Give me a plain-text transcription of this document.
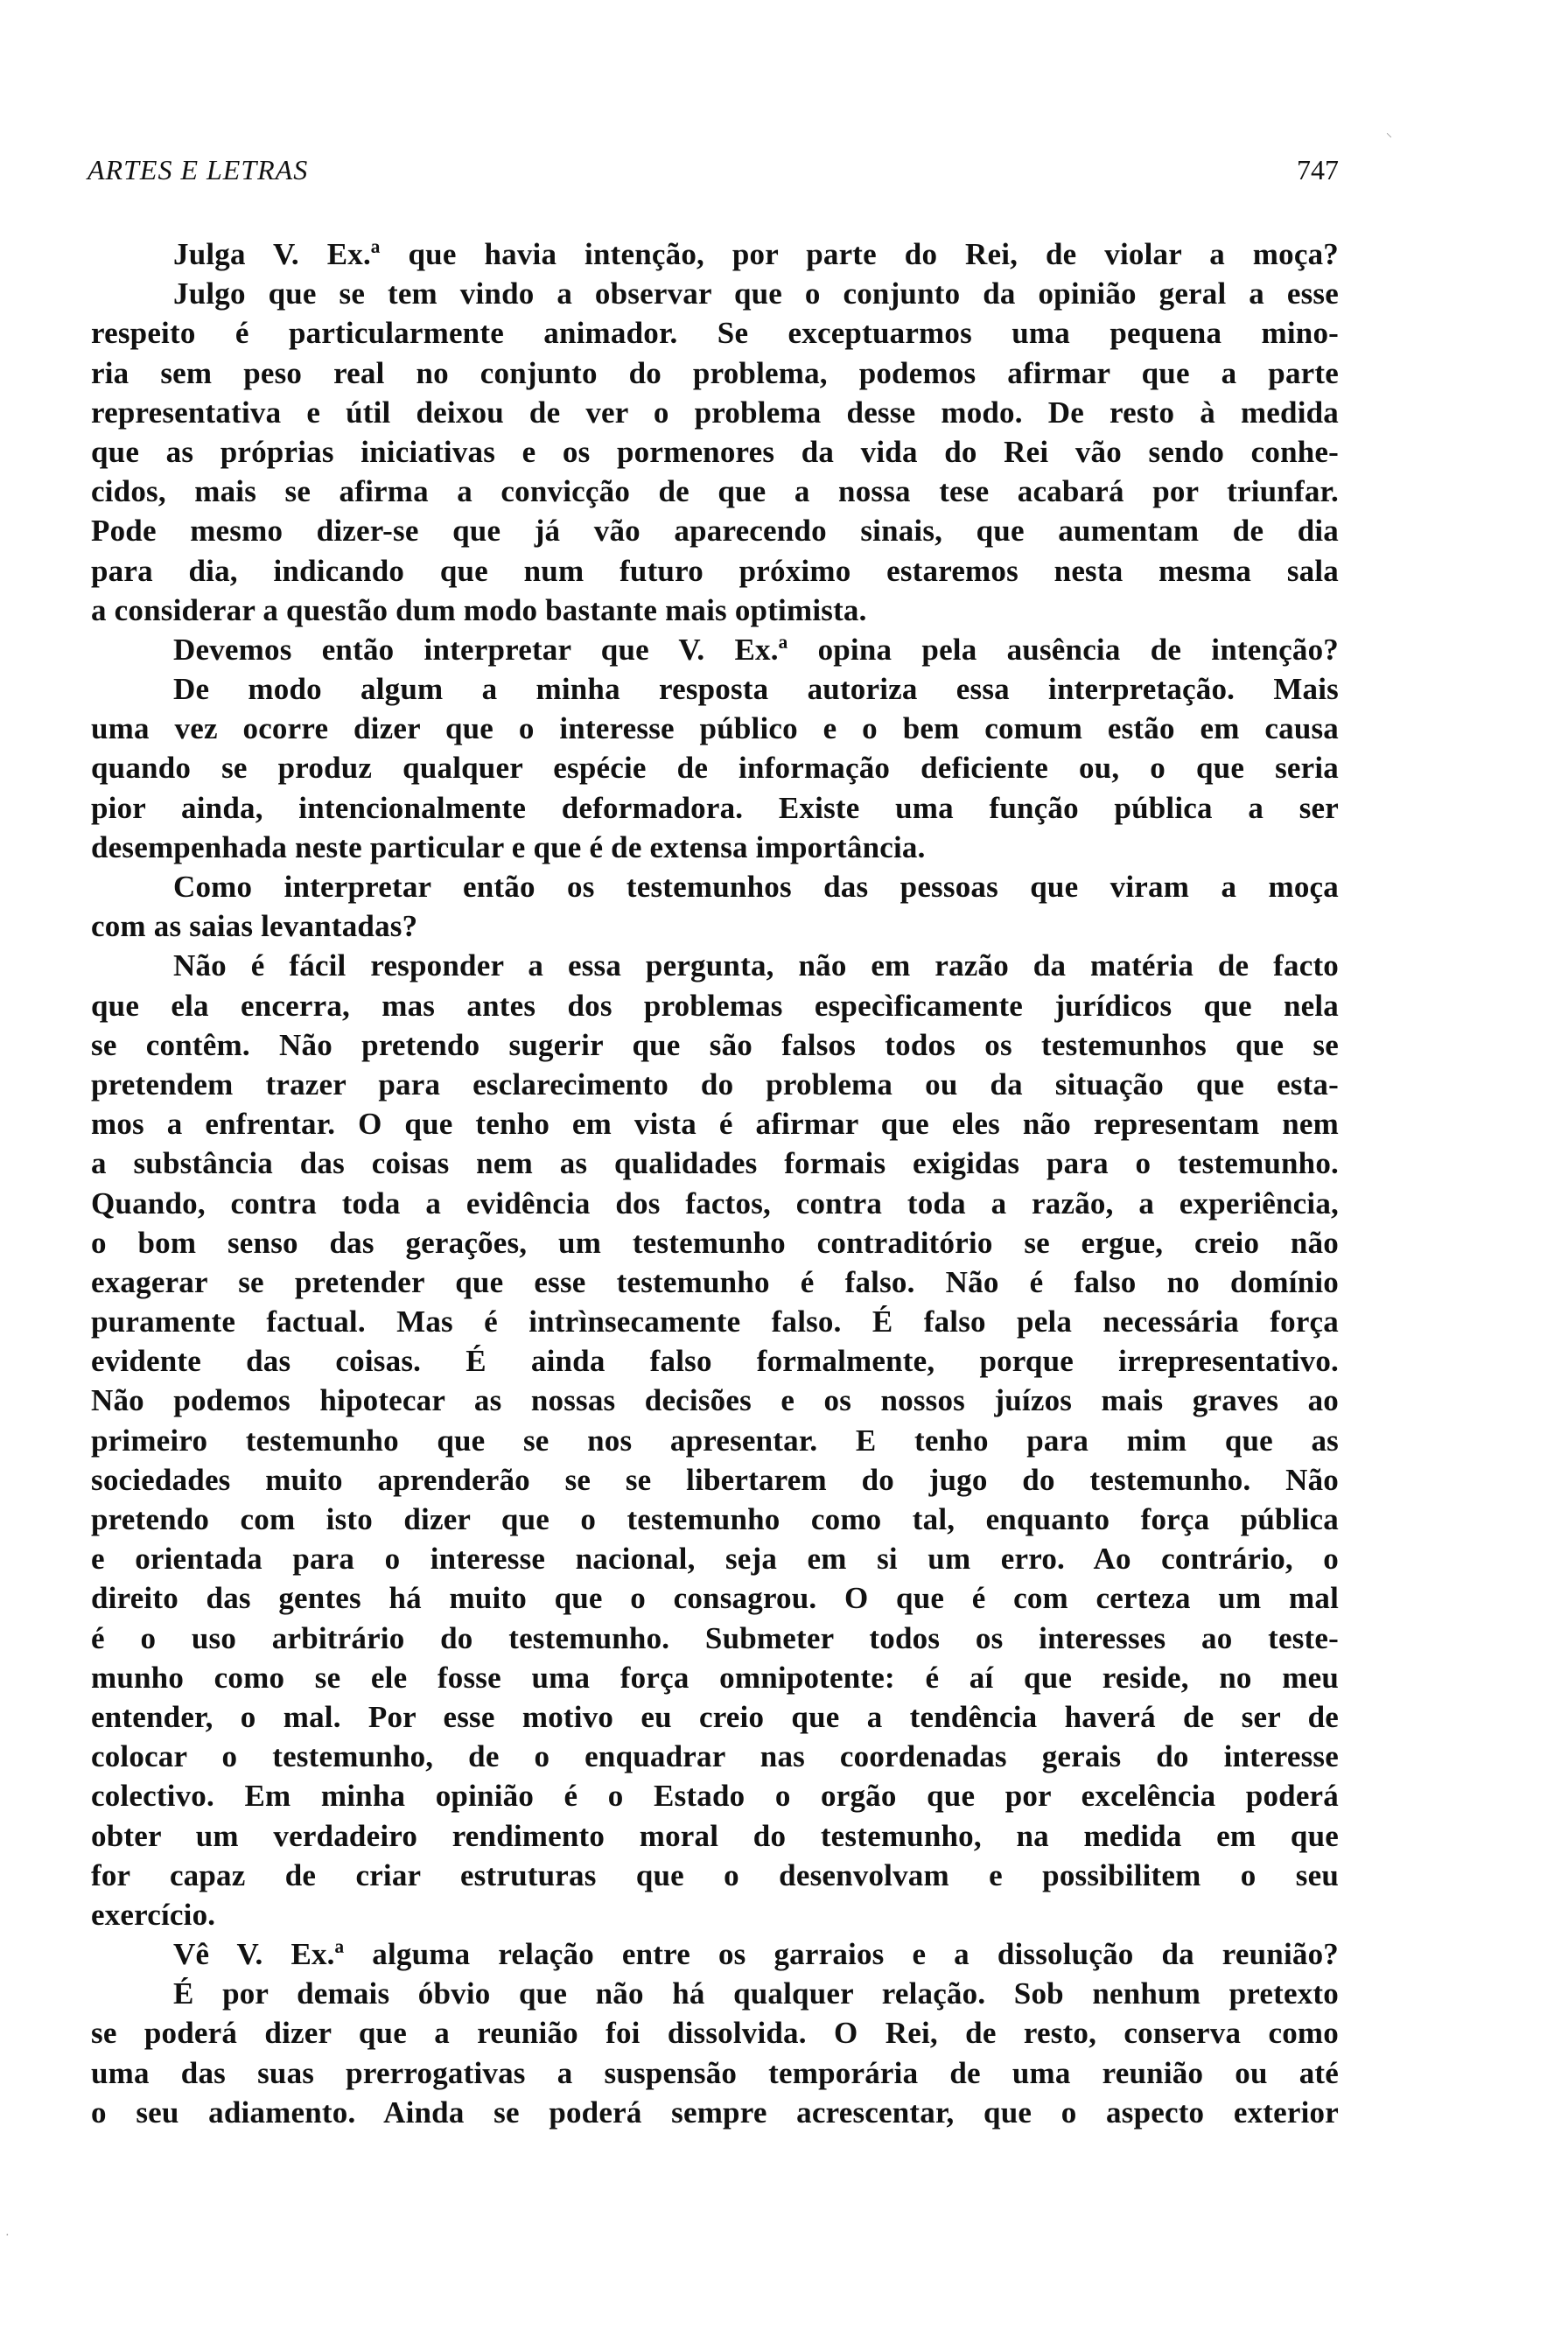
ARTES E LETRAS	747
Julga V. Ex.ª que havia intenção, por parte do Rei, de violar a moça?
Julgo que se tem vindo a observar que o conjunto da opinião geral a esse
respeito é particularmente animador. Se exceptuarmos uma pequena mino-
ria sem peso real no conjunto do problema, podemos afirmar que a parte
representativa e útil deixou de ver o problema desse modo. De resto à medida
que as próprias iniciativas e os pormenores da vida do Rei vão sendo conhe-
cidos, mais se afirma a convicção de que a nossa tese acabará por triunfar.
Pode mesmo dizer-se que já vão aparecendo sinais, que aumentam de dia
para dia, indicando que num futuro próximo estaremos nesta mesma sala
a considerar a questão dum modo bastante mais optimista.
Devemos então interpretar que V. Ex.ª opina pela ausência de intenção?
De modo algum a minha resposta autoriza essa interpretação. Mais
uma vez ocorre dizer que o interesse público e o bem comum estão em causa
quando se produz qualquer espécie de informação deficiente ou, o que seria
pior ainda, intencionalmente deformadora. Existe uma função pública a ser
desempenhada neste particular e que é de extensa importância.
Como interpretar então os testemunhos das pessoas que viram a moça
com as saias levantadas?
Não é fácil responder a essa pergunta, não em razão da matéria de facto
que ela encerra, mas antes dos problemas especìficamente jurídicos que nela
se contêm. Não pretendo sugerir que são falsos todos os testemunhos que se
pretendem trazer para esclarecimento do problema ou da situação que esta-
mos a enfrentar. O que tenho em vista é afirmar que eles não representam nem
a substância das coisas nem as qualidades formais exigidas para o testemunho.
Quando, contra toda a evidência dos factos, contra toda a razão, a experiência,
o bom senso das gerações, um testemunho contraditório se ergue, creio não
exagerar se pretender que esse testemunho é falso. Não é falso no domínio
puramente factual. Mas é intrìnsecamente falso. É falso pela necessária força
evidente das coisas. É ainda falso formalmente, porque irrepresentativo.
Não podemos hipotecar as nossas decisões e os nossos juízos mais graves ao
primeiro testemunho que se nos apresentar. E tenho para mim que as
sociedades muito aprenderão se se libertarem do jugo do testemunho. Não
pretendo com isto dizer que o testemunho como tal, enquanto força pública
e orientada para o interesse nacional, seja em si um erro. Ao contrário, o
direito das gentes há muito que o consagrou. O que é com certeza um mal
é o uso arbitrário do testemunho. Submeter todos os interesses ao teste-
munho como se ele fosse uma força omnipotente: é aí que reside, no meu
entender, o mal. Por esse motivo eu creio que a tendência haverá de ser de
colocar o testemunho, de o enquadrar nas coordenadas gerais do interesse
colectivo. Em minha opinião é o Estado o orgão que por excelência poderá
obter um verdadeiro rendimento moral do testemunho, na medida em que
for capaz de criar estruturas que o desenvolvam e possibilitem o seu
exercício.
Vê V. Ex.ª alguma relação entre os garraios e a dissolução da reunião?
É por demais óbvio que não há qualquer relação. Sob nenhum pretexto
se poderá dizer que a reunião foi dissolvida. O Rei, de resto, conserva como
uma das suas prerrogativas a suspensão temporária de uma reunião ou até
o seu adiamento. Ainda se poderá sempre acrescentar, que o aspecto exterior
⸌
·
